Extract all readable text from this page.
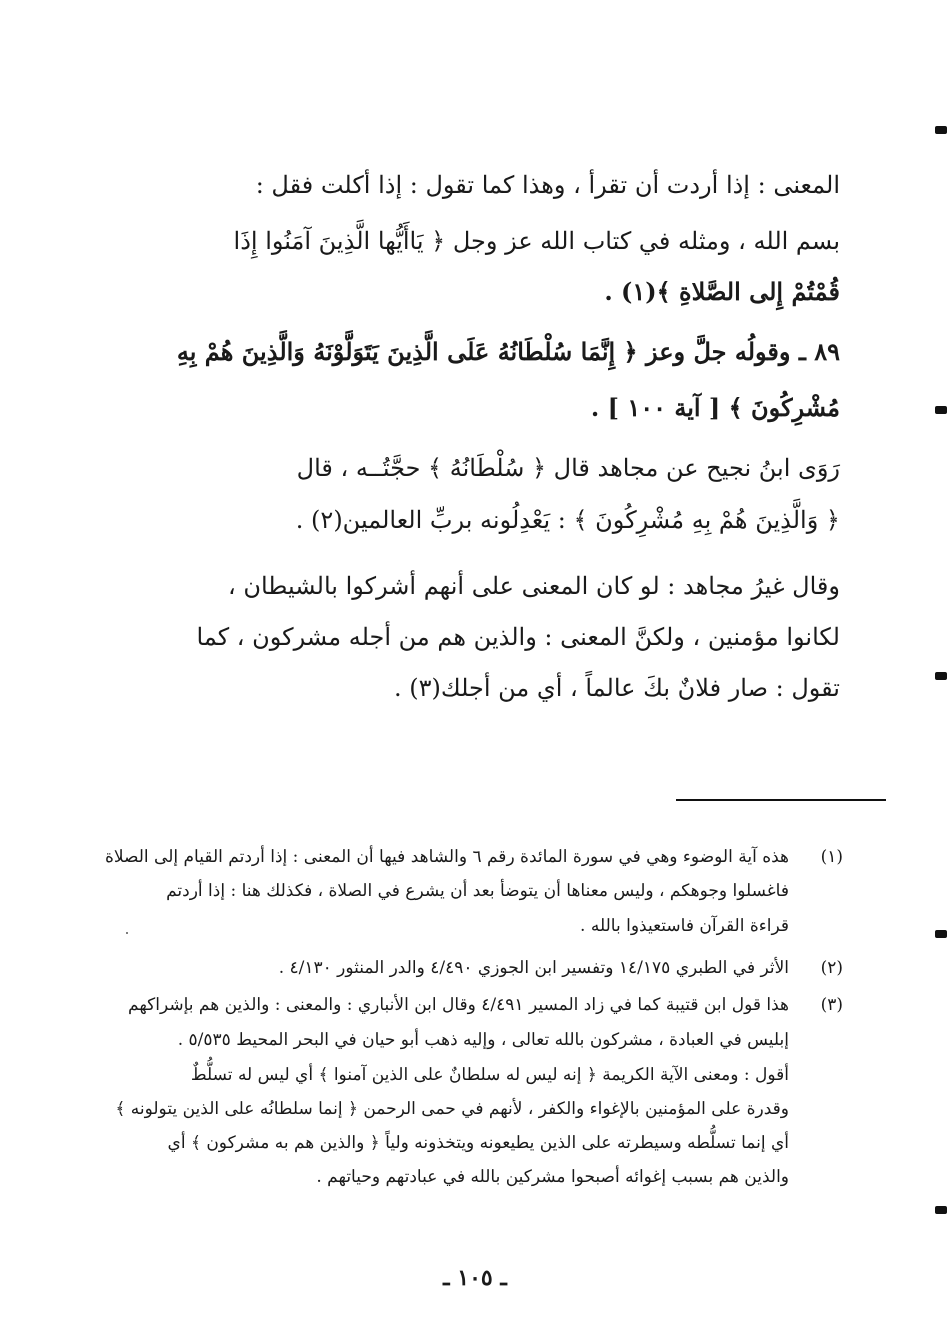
المعنى : إذا أردت أن تقرأ ، وهذا كما تقول : إذا أكلت فقل :
بسم الله ، ومثله في كتاب الله عز وجل ﴿ يَاأَيُّها الَّذِينَ آمَنُوا إِذَا
قُمْتُمْ إِلى الصَّلاةِ ﴾(١) .
٨٩ ـ وقولُه جلَّ وعز ﴿ إِنَّمَا سُلْطَانُهُ عَلَى الَّذِينَ يَتَوَلَّوْنَهُ وَالَّذِينَ هُمْ بِهِ
مُشْرِكُونَ ﴾ [ آية ١٠٠ ] .
رَوَى ابنُ نجيح عن مجاهد قال ﴿ سُلْطَانُهُ ﴾ حجَّتُــه ، قال
﴿ وَالَّذِينَ هُمْ بِهِ مُشْرِكُونَ ﴾ : يَعْدِلُونه بربِّ العالمين(٢) .
وقال غيرُ مجاهد : لو كان المعنى على أنهم أشركوا بالشيطان ،
لكانوا مؤمنين ، ولكنَّ المعنى : والذين هم من أجله مشركون ، كما
تقول : صار فلانٌ بكَ عالماً ، أي من أجلك(٣) .
(١)
هذه آية الوضوء وهي في سورة المائدة رقم ٦ والشاهد فيها أن المعنى : إذا أردتم القيام إلى الصلاة
فاغسلوا وجوهكم ، وليس معناها أن يتوضأ بعد أن يشرع في الصلاة ، فكذلك هنا : إذا أردتم
قراءة القرآن فاستعيذوا بالله .
(٢)
الأثر في الطبري ١٤/١٧٥ وتفسير ابن الجوزي ٤/٤٩٠ والدر المنثور ٤/١٣٠ .
(٣)
هذا قول ابن قتيبة كما في زاد المسير ٤/٤٩١ وقال ابن الأنباري : والمعنى : والذين هم بإشراكهم
إبليس في العبادة ، مشركون بالله تعالى ، وإليه ذهب أبو حيان في البحر المحيط ٥/٥٣٥ .
أقول : ومعنى الآية الكريمة ﴿ إنه ليس له سلطانٌ على الذين آمنوا ﴾ أي ليس له تسلُّطٌ
وقدرة على المؤمنين بالإغواء والكفر ، لأنهم في حمى الرحمن ﴿ إنما سلطانُه على الذين يتولونه ﴾
أي إنما تسلُّطه وسيطرته على الذين يطيعونه ويتخذونه ولياً ﴿ والذين هم به مشركون ﴾ أي
والذين هم بسبب إغوائه أصبحوا مشركين بالله في عبادتهم وحياتهم .
ـ ١٠٥ ـ
